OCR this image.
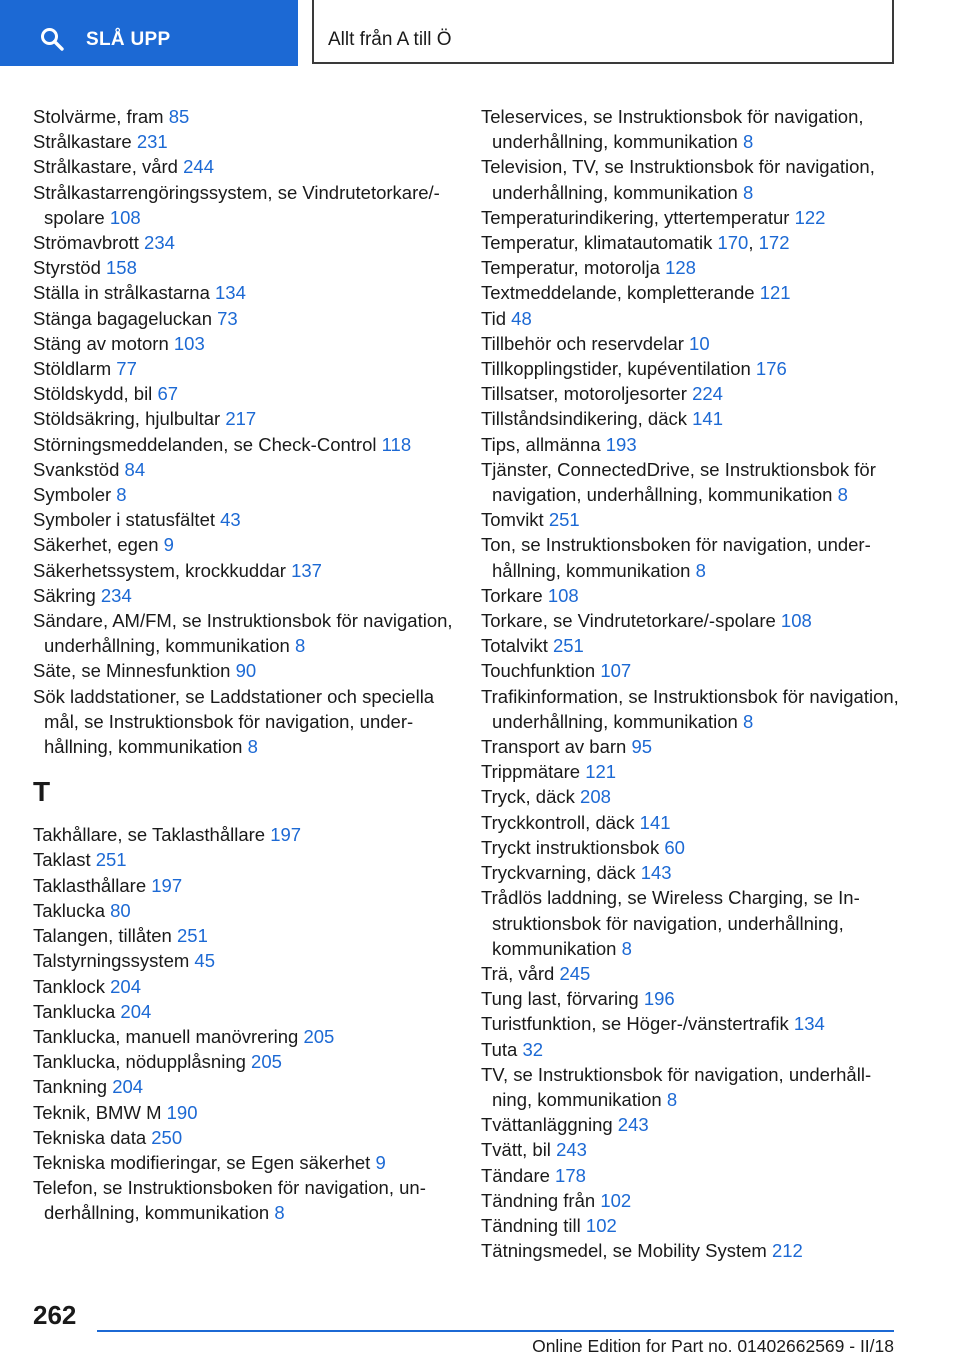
SLÅ UPP	Allt från A till Ö
Stolvärme, fram 85
Strålkastare 231
Strålkastare, vård 244
Strålkastarrengöringssystem, se Vindrutetorkare/-spolare 108
Strömavbrott 234
Styrstöd 158
Ställa in strålkastarna 134
Stänga bagageluckan 73
Stäng av motorn 103
Stöldlarm 77
Stöldskydd, bil 67
Stöldsäkring, hjulbultar 217
Störningsmeddelanden, se Check-Control 118
Svankstöd 84
Symboler 8
Symboler i statusfältet 43
Säkerhet, egen 9
Säkerhetssystem, krockkuddar 137
Säkring 234
Sändare, AM/FM, se Instruktionsbok för navigation, underhållning, kommunikation 8
Säte, se Minnesfunktion 90
Sök laddstationer, se Laddstationer och speciella mål, se Instruktionsbok för navigation, underhållning, kommunikation 8
T
Takhållare, se Taklasthållare 197
Taklast 251
Taklasthållare 197
Taklucka 80
Talangen, tillåten 251
Talstyrningssystem 45
Tanklock 204
Tanklucka 204
Tanklucka, manuell manövrering 205
Tanklucka, nödupplåsning 205
Tankning 204
Teknik, BMW M 190
Tekniska data 250
Tekniska modifieringar, se Egen säkerhet 9
Telefon, se Instruktionsboken för navigation, underhållning, kommunikation 8
Teleservices, se Instruktionsbok för navigation, underhållning, kommunikation 8
Television, TV, se Instruktionsbok för navigation, underhållning, kommunikation 8
Temperaturindikering, yttertemperatur 122
Temperatur, klimatautomatik 170, 172
Temperatur, motorolja 128
Textmeddelande, kompletterande 121
Tid 48
Tillbehör och reservdelar 10
Tillkopplingstider, kupéventilation 176
Tillsatser, motoroljesorter 224
Tillståndsindikering, däck 141
Tips, allmänna 193
Tjänster, ConnectedDrive, se Instruktionsbok för navigation, underhållning, kommunikation 8
Tomvikt 251
Ton, se Instruktionsboken för navigation, underhållning, kommunikation 8
Torkare 108
Torkare, se Vindrutetorkare/-spolare 108
Totalvikt 251
Touchfunktion 107
Trafikinformation, se Instruktionsbok för navigation, underhållning, kommunikation 8
Transport av barn 95
Trippmätare 121
Tryck, däck 208
Tryckkontroll, däck 141
Tryckt instruktionsbok 60
Tryckvarning, däck 143
Trådlös laddning, se Wireless Charging, se Instruktionsbok för navigation, underhållning, kommunikation 8
Trä, vård 245
Tung last, förvaring 196
Turistfunktion, se Höger-/vänstertrafik 134
Tuta 32
TV, se Instruktionsbok för navigation, underhållning, kommunikation 8
Tvättanläggning 243
Tvätt, bil 243
Tändare 178
Tändning från 102
Tändning till 102
Tätningsmedel, se Mobility System 212
262
Online Edition for Part no. 01402662569 - II/18
